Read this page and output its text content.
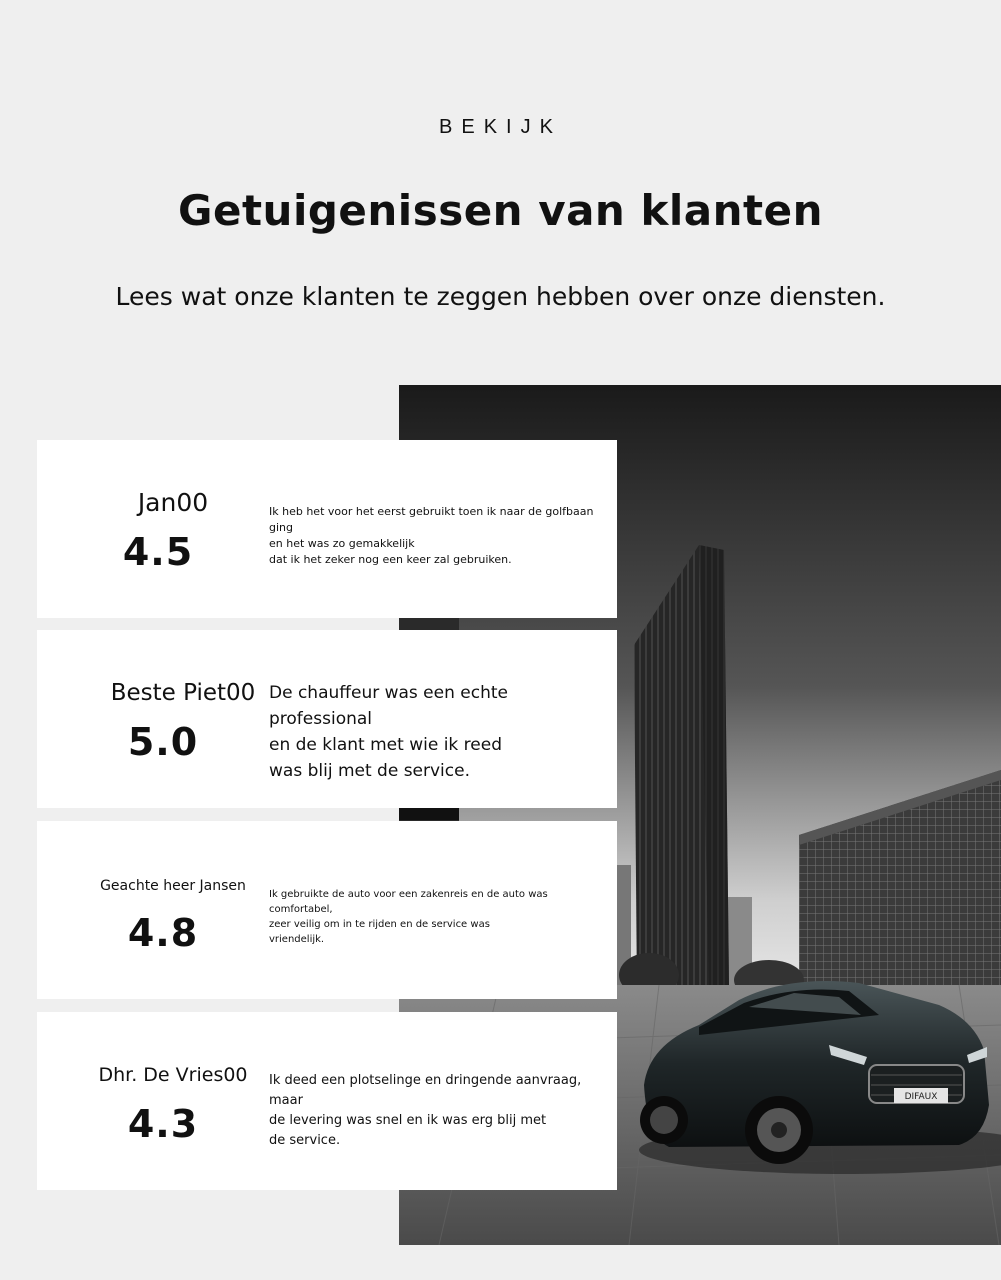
BEKIJK
Getuigenissen van klanten

Lees wat onze klanten te zeggen hebben over onze diensten.

DIFAUX
Jan00
4.5
Ik heb het voor het eerst gebruikt toen ik naar de golfbaan ging
en het was zo gemakkelijk
dat ik het zeker nog een keer zal gebruiken.
Beste Piet00
5.0
De chauffeur was een echte professional
en de klant met wie ik reed
was blij met de service.
Geachte heer Jansen
4.8
Ik gebruikte de auto voor een zakenreis en de auto was comfortabel,
zeer veilig om in te rijden en de service was
vriendelijk.
Dhr. De Vries00
4.3
Ik deed een plotselinge en dringende aanvraag, maar
de levering was snel en ik was erg blij met
de service.
